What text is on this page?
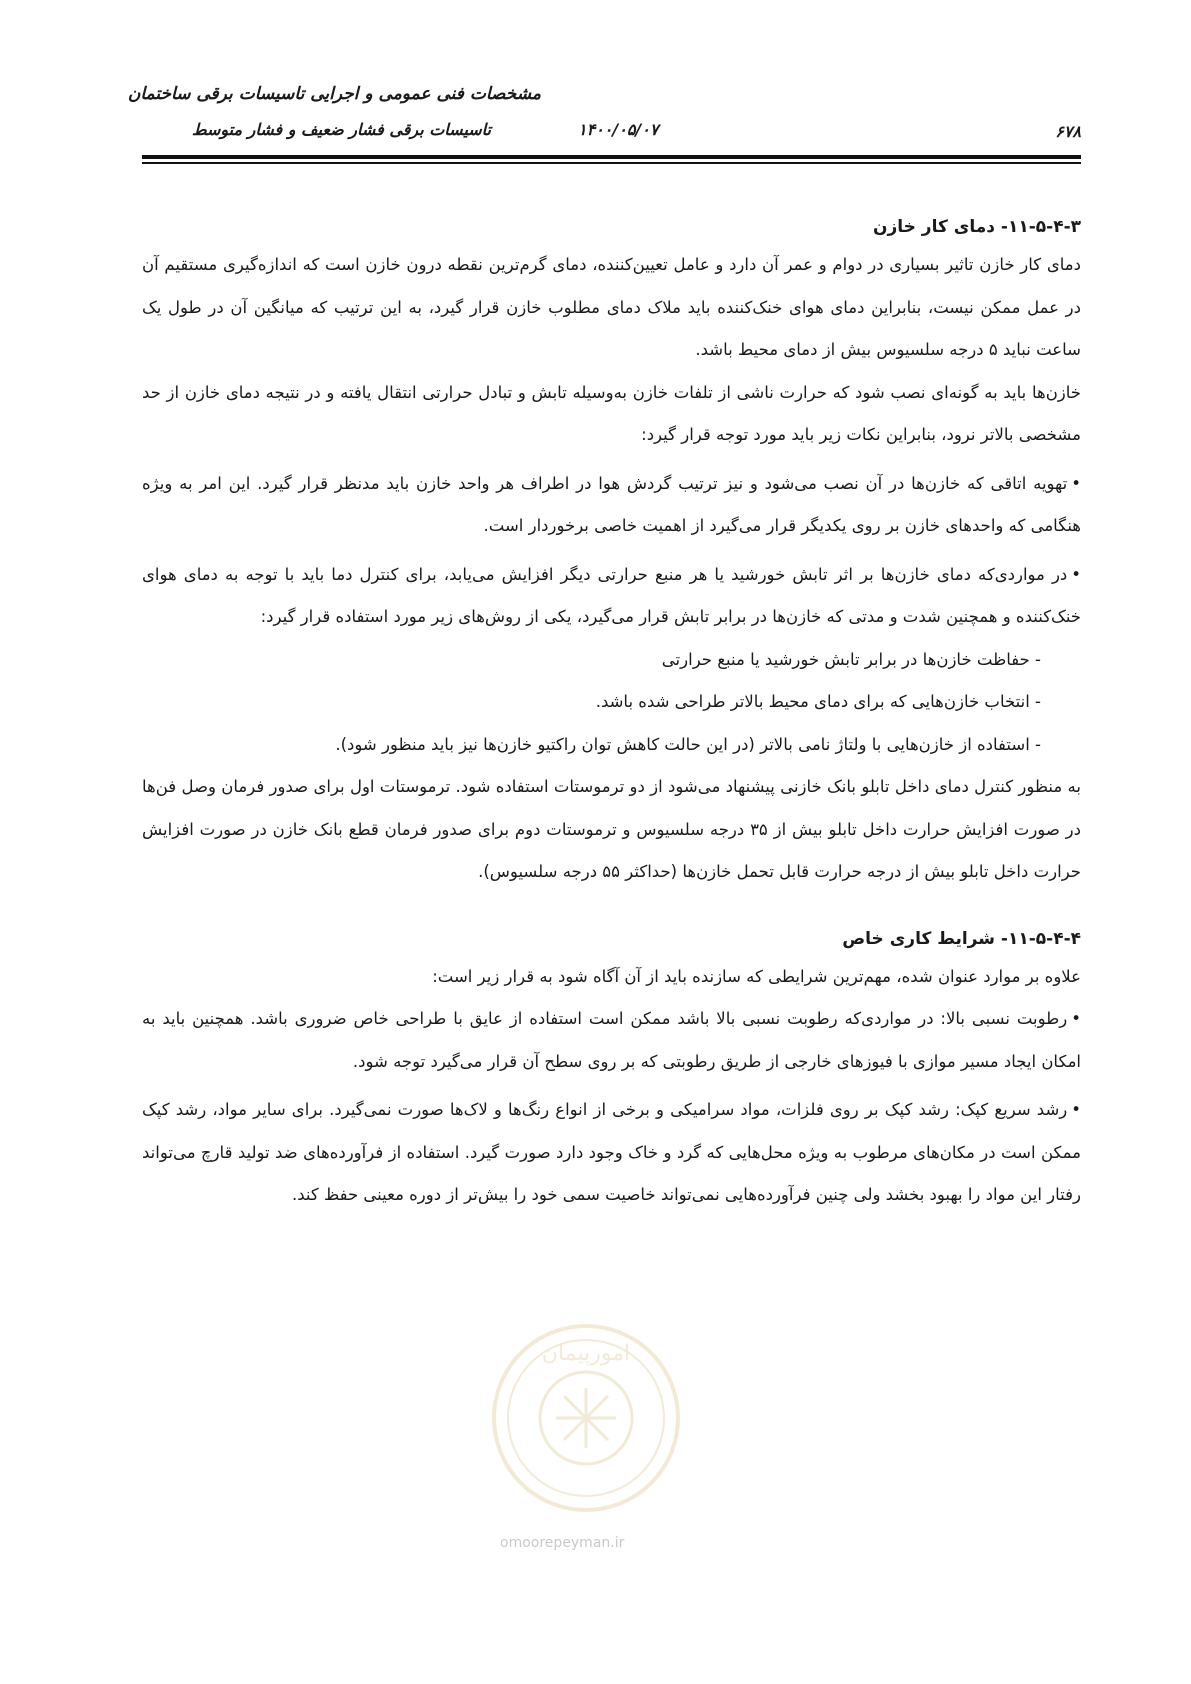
مشخصات فنی عمومی و اجرایی تاسیسات برقی ساختمان
تاسیسات برقی فشار ضعیف و فشار متوسط	۱۴۰۰/۰۵/۰۷	۶۷۸

۱۱-۵-۴-۳- دمای کار خازن

دمای کار خازن تاثیر بسیاری در دوام و عمر آن دارد و عامل تعیین‌کننده، دمای گرم‌ترین نقطه درون خازن است که اندازه‌گیری مستقیم آن در عمل ممکن نیست، بنابراین دمای هوای خنک‌کننده باید ملاک دمای مطلوب خازن قرار گیرد، به این ترتیب که میانگین آن در طول یک ساعت نباید ۵ درجه سلسیوس بیش از دمای محیط باشد.

خازن‌ها باید به گونه‌ای نصب شود که حرارت ناشی از تلفات خازن به‌وسیله تابش و تبادل حرارتی انتقال یافته و در نتیجه دمای خازن از حد مشخصی بالاتر نرود، بنابراین نکات زیر باید مورد توجه قرار گیرد:

•تهویه اتاقی که خازن‌ها در آن نصب می‌شود و نیز ترتیب گردش هوا در اطراف هر واحد خازن باید مدنظر قرار گیرد. این امر به ویژه هنگامی که واحدهای خازن بر روی یکدیگر قرار می‌گیرد از اهمیت خاصی برخوردار است.

•در مواردی‌که دمای خازن‌ها بر اثر تابش خورشید یا هر منبع حرارتی دیگر افزایش می‌یابد، برای کنترل دما باید با توجه به دمای هوای خنک‌کننده و همچنین شدت و مدتی که خازن‌ها در برابر تابش قرار می‌گیرد، یکی از روش‌های زیر مورد استفاده قرار گیرد:

- حفاظت خازن‌ها در برابر تابش خورشید یا منبع حرارتی

- انتخاب خازن‌هایی که برای دمای محیط بالاتر طراحی شده باشد.

- استفاده از خازن‌هایی با ولتاژ نامی بالاتر (در این حالت کاهش توان راکتیو خازن‌ها نیز باید منظور شود).

به منظور کنترل دمای داخل تابلو بانک خازنی پیشنهاد می‌شود از دو ترموستات استفاده شود. ترموستات اول برای صدور فرمان وصل فن‌ها در صورت افزایش حرارت داخل تابلو بیش از ۳۵ درجه سلسیوس و ترموستات دوم برای صدور فرمان قطع بانک خازن در صورت افزایش حرارت داخل تابلو بیش از درجه حرارت قابل تحمل خازن‌ها (حداکثر ۵۵ درجه سلسیوس).

۱۱-۵-۴-۴- شرایط کاری خاص

علاوه بر موارد عنوان شده، مهم‌ترین شرایطی که سازنده باید از آن آگاه شود به قرار زیر است:

•رطوبت نسبی بالا: در مواردی‌که رطوبت نسبی بالا باشد ممکن است استفاده از عایق با طراحی خاص ضروری باشد. همچنین باید به امکان ایجاد مسیر موازی با فیوزهای خارجی از طریق رطوبتی که بر روی سطح آن قرار می‌گیرد توجه شود.

•رشد سریع کپک: رشد کپک بر روی فلزات، مواد سرامیکی و برخی از انواع رنگ‌ها و لاک‌ها صورت نمی‌گیرد. برای سایر مواد، رشد کپک ممکن است در مکان‌های مرطوب به ویژه محل‌هایی که گرد و خاک وجود دارد صورت گیرد. استفاده از فرآورده‌های ضد تولید قارچ می‌تواند رفتار این مواد را بهبود بخشد ولی چنین فرآورده‌هایی نمی‌تواند خاصیت سمی خود را بیش‌تر از دوره معینی حفظ کند.

امورپیمان
omoorepeyman.ir
